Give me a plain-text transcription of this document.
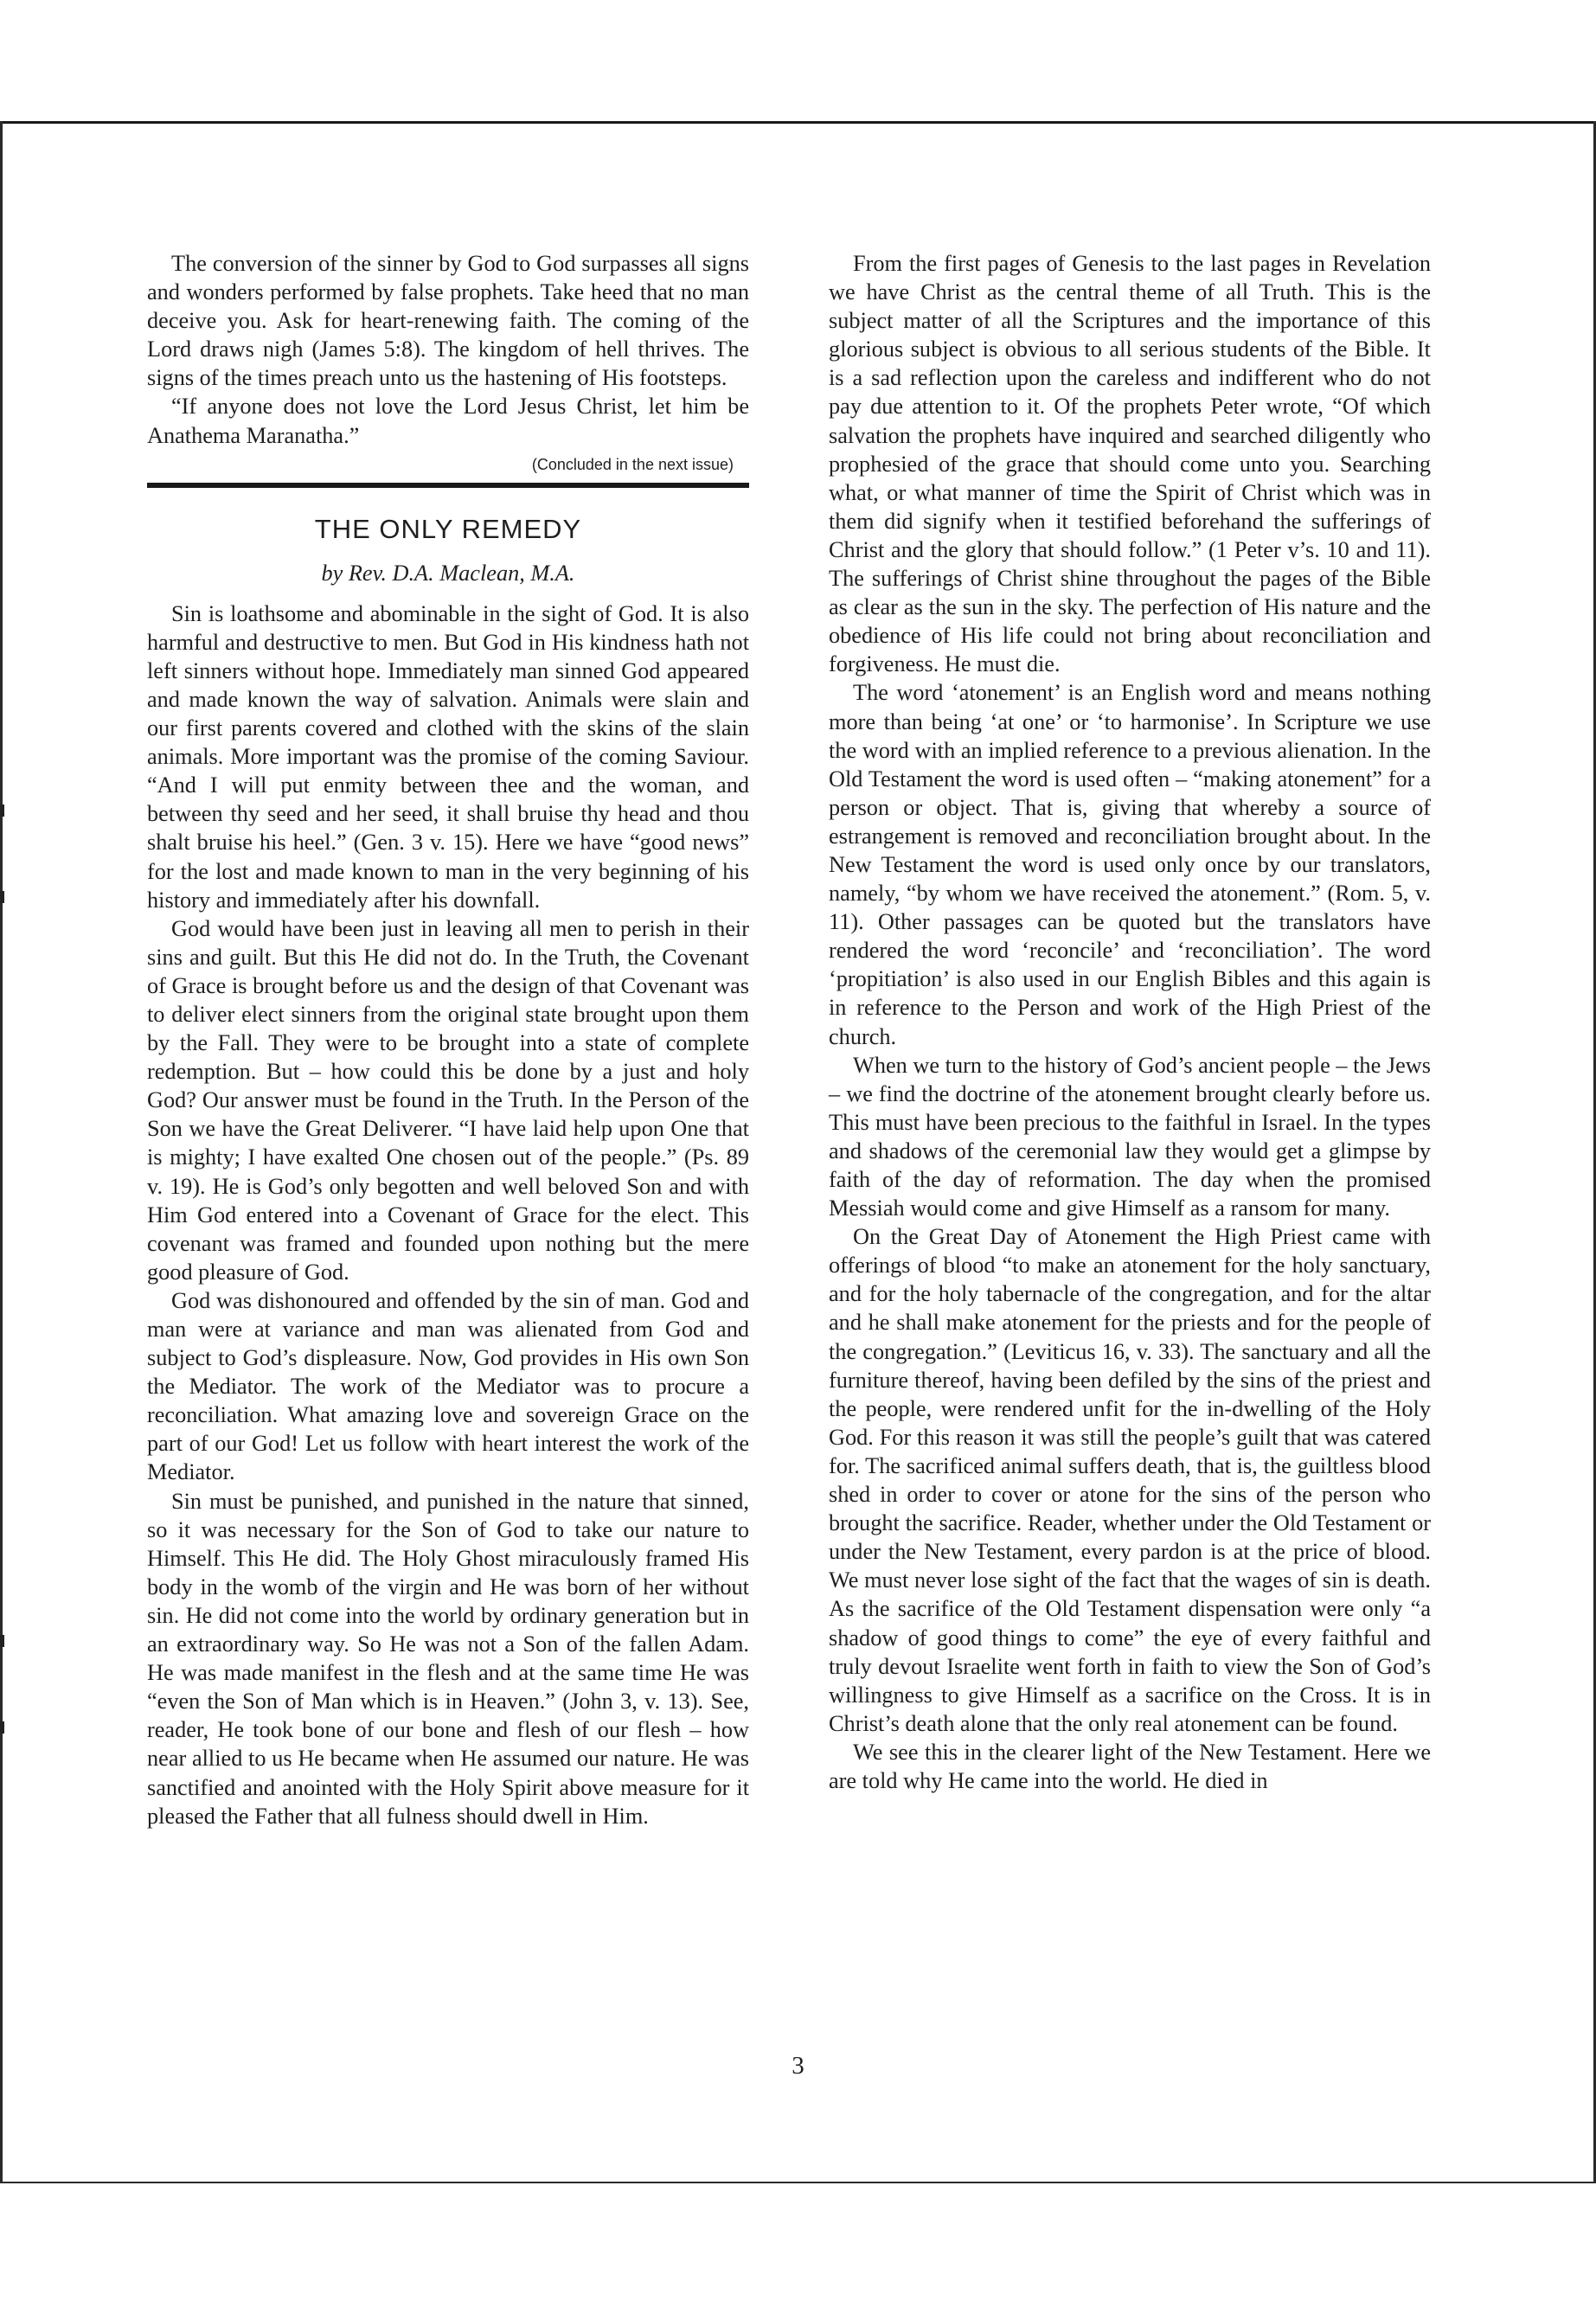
The conversion of the sinner by God to God surpasses all signs and wonders performed by false prophets. Take heed that no man deceive you. Ask for heart-renewing faith. The coming of the Lord draws nigh (James 5:8). The kingdom of hell thrives. The signs of the times preach unto us the hastening of His footsteps.

“If anyone does not love the Lord Jesus Christ, let him be Anathema Maranatha.”

(Concluded in the next issue)
THE ONLY REMEDY
by Rev. D.A. Maclean, M.A.

Sin is loathsome and abominable in the sight of God. It is also harmful and destructive to men. But God in His kindness hath not left sinners without hope. Immediately man sinned God appeared and made known the way of salvation. Animals were slain and our first parents covered and clothed with the skins of the slain animals. More important was the promise of the coming Saviour. “And I will put enmity between thee and the woman, and between thy seed and her seed, it shall bruise thy head and thou shalt bruise his heel.” (Gen. 3 v. 15). Here we have “good news” for the lost and made known to man in the very beginning of his history and immediately after his downfall.

God would have been just in leaving all men to perish in their sins and guilt. But this He did not do. In the Truth, the Covenant of Grace is brought before us and the design of that Covenant was to deliver elect sinners from the original state brought upon them by the Fall. They were to be brought into a state of complete redemption. But – how could this be done by a just and holy God? Our answer must be found in the Truth. In the Person of the Son we have the Great Deliverer. “I have laid help upon One that is mighty; I have exalted One chosen out of the people.” (Ps. 89 v. 19). He is God’s only begotten and well beloved Son and with Him God entered into a Covenant of Grace for the elect. This covenant was framed and founded upon nothing but the mere good pleasure of God.

God was dishonoured and offended by the sin of man. God and man were at variance and man was alienated from God and subject to God’s displeasure. Now, God provides in His own Son the Mediator. The work of the Mediator was to procure a reconciliation. What amazing love and sovereign Grace on the part of our God! Let us follow with heart interest the work of the Mediator.

Sin must be punished, and punished in the nature that sinned, so it was necessary for the Son of God to take our nature to Himself. This He did. The Holy Ghost miraculously framed His body in the womb of the virgin and He was born of her without sin. He did not come into the world by ordinary generation but in an extraordinary way. So He was not a Son of the fallen Adam. He was made manifest in the flesh and at the same time He was “even the Son of Man which is in Heaven.” (John 3, v. 13). See, reader, He took bone of our bone and flesh of our flesh – how near allied to us He became when He assumed our nature. He was sanctified and anointed with the Holy Spirit above measure for it pleased the Father that all fulness should dwell in Him.

From the first pages of Genesis to the last pages in Revelation we have Christ as the central theme of all Truth. This is the subject matter of all the Scriptures and the importance of this glorious subject is obvious to all serious students of the Bible. It is a sad reflection upon the careless and indifferent who do not pay due attention to it. Of the prophets Peter wrote, “Of which salvation the prophets have inquired and searched diligently who prophesied of the grace that should come unto you. Searching what, or what manner of time the Spirit of Christ which was in them did signify when it testified beforehand the sufferings of Christ and the glory that should follow.” (1 Peter v’s. 10 and 11). The sufferings of Christ shine throughout the pages of the Bible as clear as the sun in the sky. The perfection of His nature and the obedience of His life could not bring about reconciliation and forgiveness. He must die.

The word ‘atonement’ is an English word and means nothing more than being ‘at one’ or ‘to harmonise’. In Scripture we use the word with an implied reference to a previous alienation. In the Old Testament the word is used often – “making atonement” for a person or object. That is, giving that whereby a source of estrangement is removed and reconciliation brought about. In the New Testament the word is used only once by our translators, namely, “by whom we have received the atonement.” (Rom. 5, v. 11). Other passages can be quoted but the translators have rendered the word ‘reconcile’ and ‘reconciliation’. The word ‘propitiation’ is also used in our English Bibles and this again is in reference to the Person and work of the High Priest of the church.

When we turn to the history of God’s ancient people – the Jews – we find the doctrine of the atonement brought clearly before us. This must have been precious to the faithful in Israel. In the types and shadows of the ceremonial law they would get a glimpse by faith of the day of reformation. The day when the promised Messiah would come and give Himself as a ransom for many.

On the Great Day of Atonement the High Priest came with offerings of blood “to make an atonement for the holy sanctuary, and for the holy tabernacle of the congregation, and for the altar and he shall make atonement for the priests and for the people of the congregation.” (Leviticus 16, v. 33). The sanctuary and all the furniture thereof, having been defiled by the sins of the priest and the people, were rendered unfit for the in-dwelling of the Holy God. For this reason it was still the people’s guilt that was catered for. The sacrificed animal suffers death, that is, the guiltless blood shed in order to cover or atone for the sins of the person who brought the sacrifice. Reader, whether under the Old Testament or under the New Testament, every pardon is at the price of blood. We must never lose sight of the fact that the wages of sin is death. As the sacrifice of the Old Testament dispensation were only “a shadow of good things to come” the eye of every faithful and truly devout Israelite went forth in faith to view the Son of God’s willingness to give Himself as a sacrifice on the Cross. It is in Christ’s death alone that the only real atonement can be found.

We see this in the clearer light of the New Testament. Here we are told why He came into the world. He died in

3
